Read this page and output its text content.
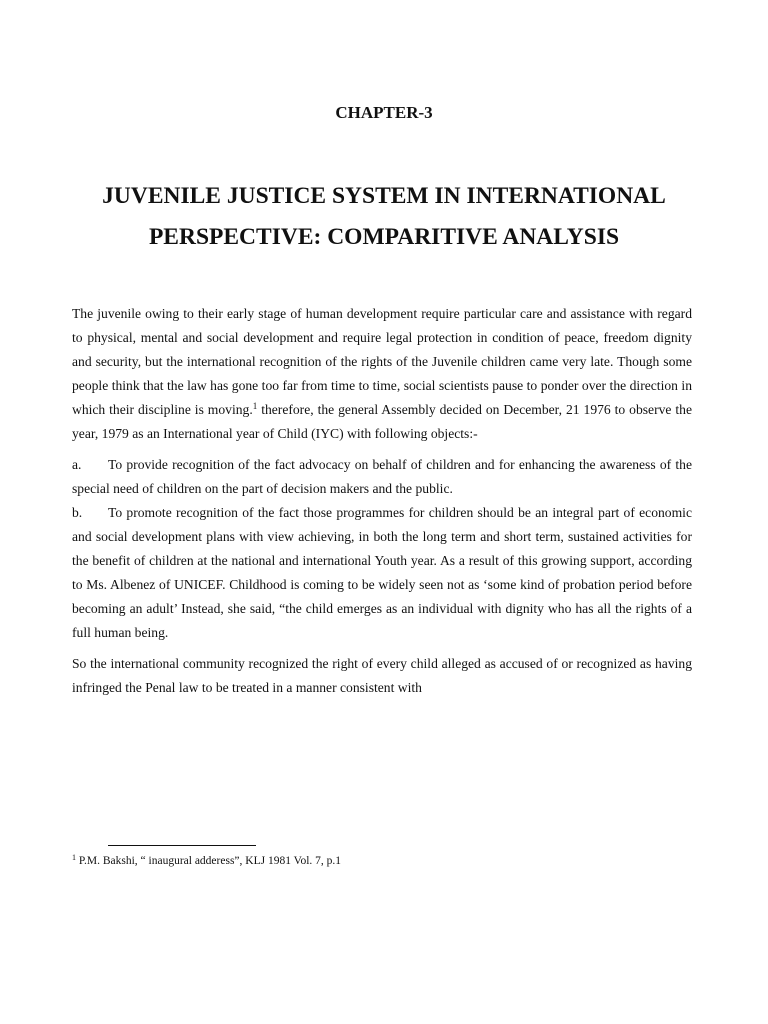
CHAPTER-3
JUVENILE JUSTICE SYSTEM IN INTERNATIONAL
PERSPECTIVE: COMPARITIVE ANALYSIS

The juvenile owing to their early stage of human development require particular care and assistance with regard to physical, mental and social development and require legal protection in condition of peace, freedom dignity and security, but the international recognition of the rights of the Juvenile children came very late. Though some people think that the law has gone too far from time to time, social scientists pause to ponder over the direction in which their discipline is moving.$^1$ therefore, the general Assembly decided on December, 21 1976 to observe the year, 1979 as an International year of Child (IYC) with following objects:-

a. To provide recognition of the fact advocacy on behalf of children and for enhancing the awareness of the special need of children on the part of decision makers and the public.

b. To promote recognition of the fact those programmes for children should be an integral part of economic and social development plans with view achieving, in both the long term and short term, sustained activities for the benefit of children at the national and international Youth year. As a result of this growing support, according to Ms. Albenez of UNICEF. Childhood is coming to be widely seen not as ‘some kind of probation period before becoming an adult’ Instead, she said, “the child emerges as an individual with dignity who has all the rights of a full human being.

So the international community recognized the right of every child alleged as accused of or recognized as having infringed the Penal law to be treated in a manner consistent with

$^1$ P.M. Bakshi, “ inaugural adderess”, KLJ 1981 Vol. 7, p.1
